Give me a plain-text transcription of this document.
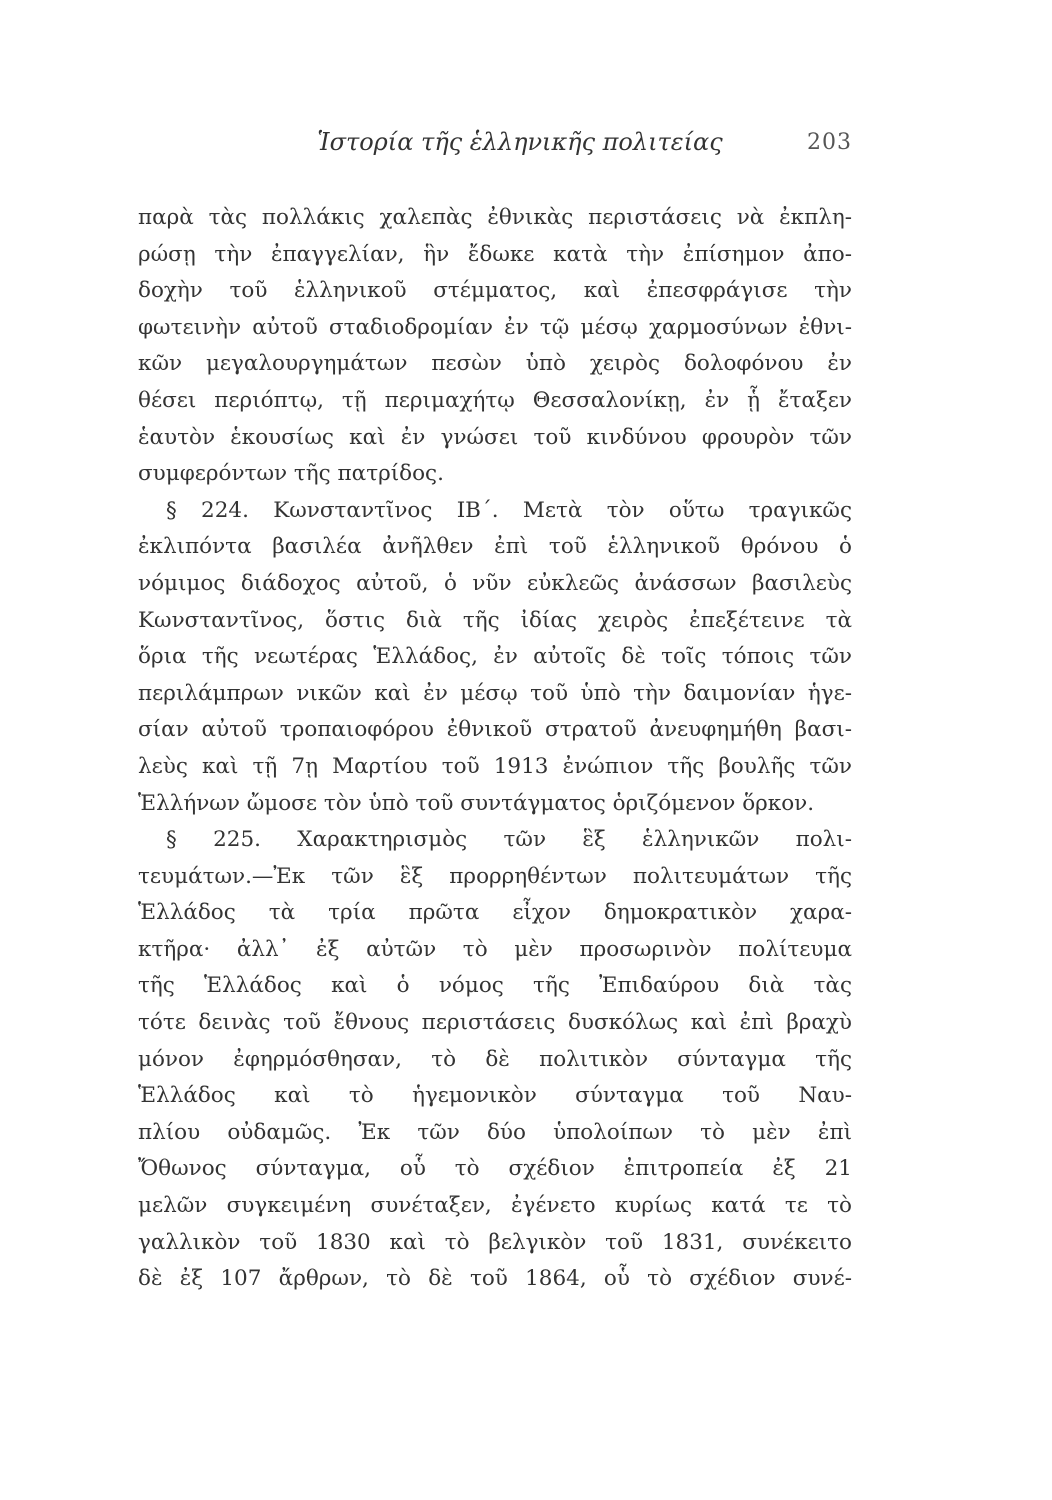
Ἱστορία τῆς ἑλληνικῆς πολιτείας	203
παρὰ τὰς πολλάκις χαλεπὰς ἐθνικὰς περιστάσεις νὰ ἐκπλη-
ρώσῃ τὴν ἐπαγγελίαν, ἣν ἔδωκε κατὰ τὴν ἐπίσημον ἀπο-
δοχὴν τοῦ ἑλληνικοῦ στέμματος, καὶ ἐπεσφράγισε τὴν
φωτεινὴν αὐτοῦ σταδιοδρομίαν ἐν τῷ μέσῳ χαρμοσύνων ἐθνι-
κῶν μεγαλουργημάτων πεσὼν ὑπὸ χειρὸς δολοφόνου ἐν
θέσει περιόπτῳ, τῇ περιμαχήτῳ Θεσσαλονίκῃ, ἐν ᾗ ἔταξεν
ἑαυτὸν ἑκουσίως καὶ ἐν γνώσει τοῦ κινδύνου φρουρὸν τῶν
συμφερόντων τῆς πατρίδος.
§ 224. Κωνσταντῖνος ΙΒ΄. Μετὰ τὸν οὕτω τραγικῶς
ἐκλιπόντα βασιλέα ἀνῆλθεν ἐπὶ τοῦ ἑλληνικοῦ θρόνου ὁ
νόμιμος διάδοχος αὐτοῦ, ὁ νῦν εὐκλεῶς ἀνάσσων βασιλεὺς
Κωνσταντῖνος, ὅστις διὰ τῆς ἰδίας χειρὸς ἐπεξέτεινε τὰ
ὅρια τῆς νεωτέρας Ἑλλάδος, ἐν αὐτοῖς δὲ τοῖς τόποις τῶν
περιλάμπρων νικῶν καὶ ἐν μέσῳ τοῦ ὑπὸ τὴν δαιμονίαν ἡγε-
σίαν αὐτοῦ τροπαιοφόρου ἐθνικοῦ στρατοῦ ἀνευφημήθη βασι-
λεὺς καὶ τῇ 7ῃ Μαρτίου τοῦ 1913 ἐνώπιον τῆς βουλῆς τῶν
Ἑλλήνων ὤμοσε τὸν ὑπὸ τοῦ συντάγματος ὁριζόμενον ὅρκον.
§ 225. Χαρακτηρισμὸς τῶν ἓξ ἑλληνικῶν πολι-
τευμάτων.—Ἐκ τῶν ἓξ προρρηθέντων πολιτευμάτων τῆς
Ἑλλάδος τὰ τρία πρῶτα εἶχον δημοκρατικὸν χαρα-
κτῆρα· ἀλλ᾽ ἐξ αὐτῶν τὸ μὲν προσωρινὸν πολίτευμα
τῆς Ἑλλάδος καὶ ὁ νόμος τῆς Ἐπιδαύρου διὰ τὰς
τότε δεινὰς τοῦ ἔθνους περιστάσεις δυσκόλως καὶ ἐπὶ βραχὺ
μόνον ἐφηρμόσθησαν, τὸ δὲ πολιτικὸν σύνταγμα τῆς
Ἑλλάδος καὶ τὸ ἡγεμονικὸν σύνταγμα τοῦ Ναυ-
πλίου οὐδαμῶς. Ἐκ τῶν δύο ὑπολοίπων τὸ μὲν ἐπὶ
Ὄθωνος σύνταγμα, οὗ τὸ σχέδιον ἐπιτροπεία ἐξ 21
μελῶν συγκειμένη συνέταξεν, ἐγένετο κυρίως κατά τε τὸ
γαλλικὸν τοῦ 1830 καὶ τὸ βελγικὸν τοῦ 1831, συνέκειτο
δὲ ἐξ 107 ἄρθρων, τὸ δὲ τοῦ 1864, οὗ τὸ σχέδιον συνέ-
